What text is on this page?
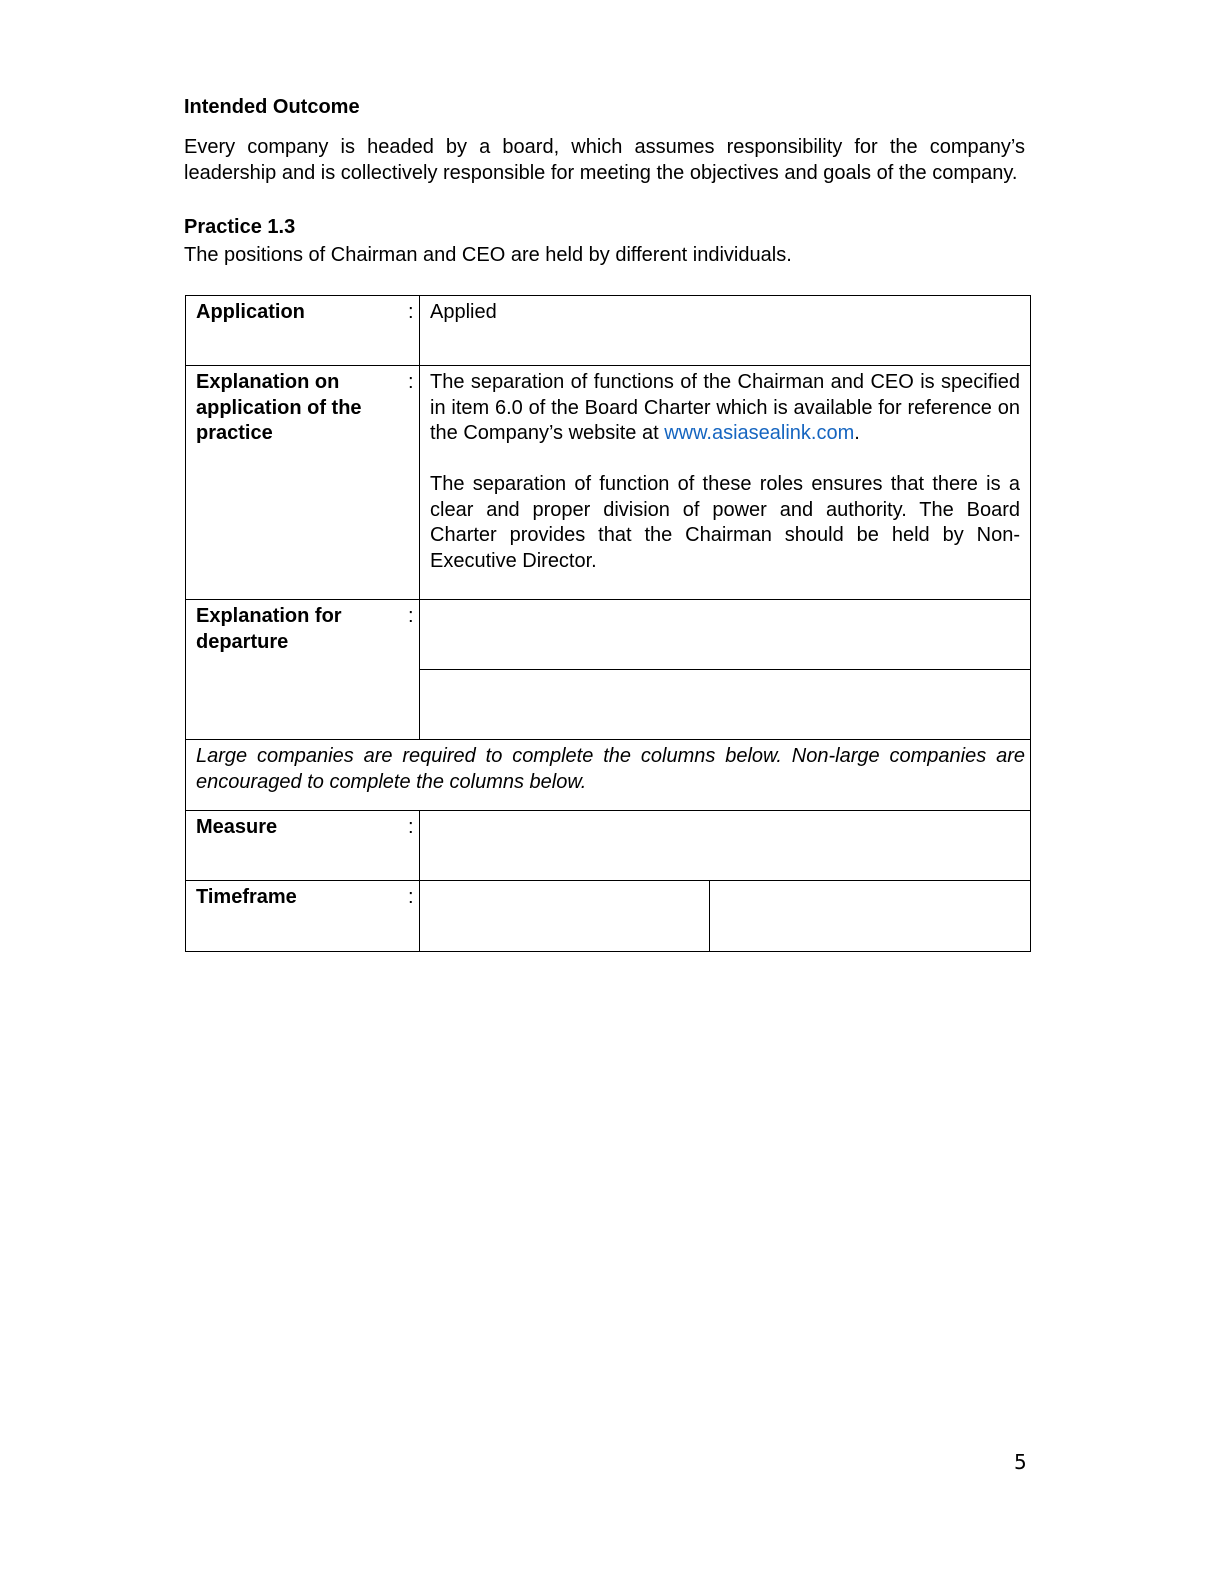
Intended Outcome

Every company is headed by a board, which assumes responsibility for the company’s leadership and is collectively responsible for meeting the objectives and goals of the company.

Practice 1.3

The positions of Chairman and CEO are held by different individuals.

Application	: Applied
Explanation on application of the practice
: The separation of functions of the Chairman and CEO is specified in item 6.0 of the Board Charter which is available for reference on the Company’s website at www.asiasealink.com.
The separation of function of these roles ensures that there is a clear and proper division of power and authority. The Board Charter provides that the Chairman should be held by Non-Executive Director.
Explanation for departure
:
Large companies are required to complete the columns below. Non-large companies are encouraged to complete the columns below.
Measure	:
Timeframe	:
5
